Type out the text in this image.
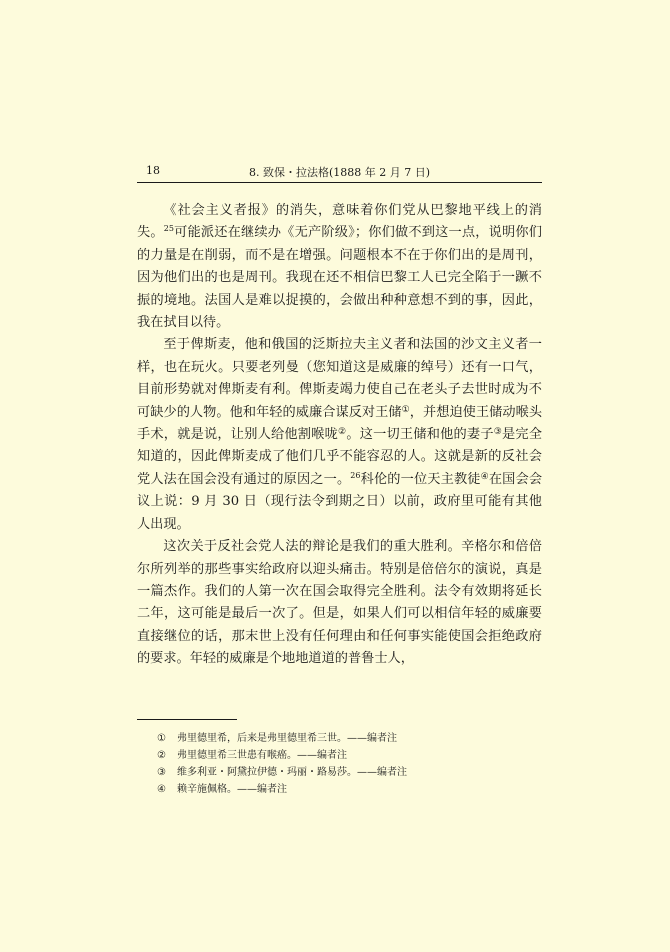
18	8. 致保・拉法格(1888 年 2 月 7 日)

《社会主义者报》的消失，意味着你们党从巴黎地平线上的消失。$^{25}$可能派还在继续办《无产阶级》；你们做不到这一点，说明你们的力量是在削弱，而不是在增强。问题根本不在于你们出的是周刊，因为他们出的也是周刊。我现在还不相信巴黎工人已完全陷于一蹶不振的境地。法国人是难以捉摸的，会做出种种意想不到的事，因此，我在拭目以待。

至于俾斯麦，他和俄国的泛斯拉夫主义者和法国的沙文主义者一样，也在玩火。只要老列曼（您知道这是威廉的绰号）还有一口气，目前形势就对俾斯麦有利。俾斯麦竭力使自己在老头子去世时成为不可缺少的人物。他和年轻的威廉合谋反对王储①，并想迫使王储动喉头手术，就是说，让别人给他割喉咙②。这一切王储和他的妻子③是完全知道的，因此俾斯麦成了他们几乎不能容忍的人。这就是新的反社会党人法在国会没有通过的原因之一。$^{26}$科伦的一位天主教徒④在国会会议上说：9 月 30 日（现行法令到期之日）以前，政府里可能有其他人出现。

这次关于反社会党人法的辩论是我们的重大胜利。辛格尔和倍倍尔所列举的那些事实给政府以迎头痛击。特别是倍倍尔的演说，真是一篇杰作。我们的人第一次在国会取得完全胜利。法令有效期将延长二年，这可能是最后一次了。但是，如果人们可以相信年轻的威廉要直接继位的话，那末世上没有任何理由和任何事实能使国会拒绝政府的要求。年轻的威廉是个地地道道的普鲁士人，

①	弗里德里希，后来是弗里德里希三世。——编者注
②	弗里德里希三世患有喉癌。——编者注
③	维多利亚・阿黛拉伊德・玛丽・路易莎。——编者注
④	赖辛施佩格。——编者注
